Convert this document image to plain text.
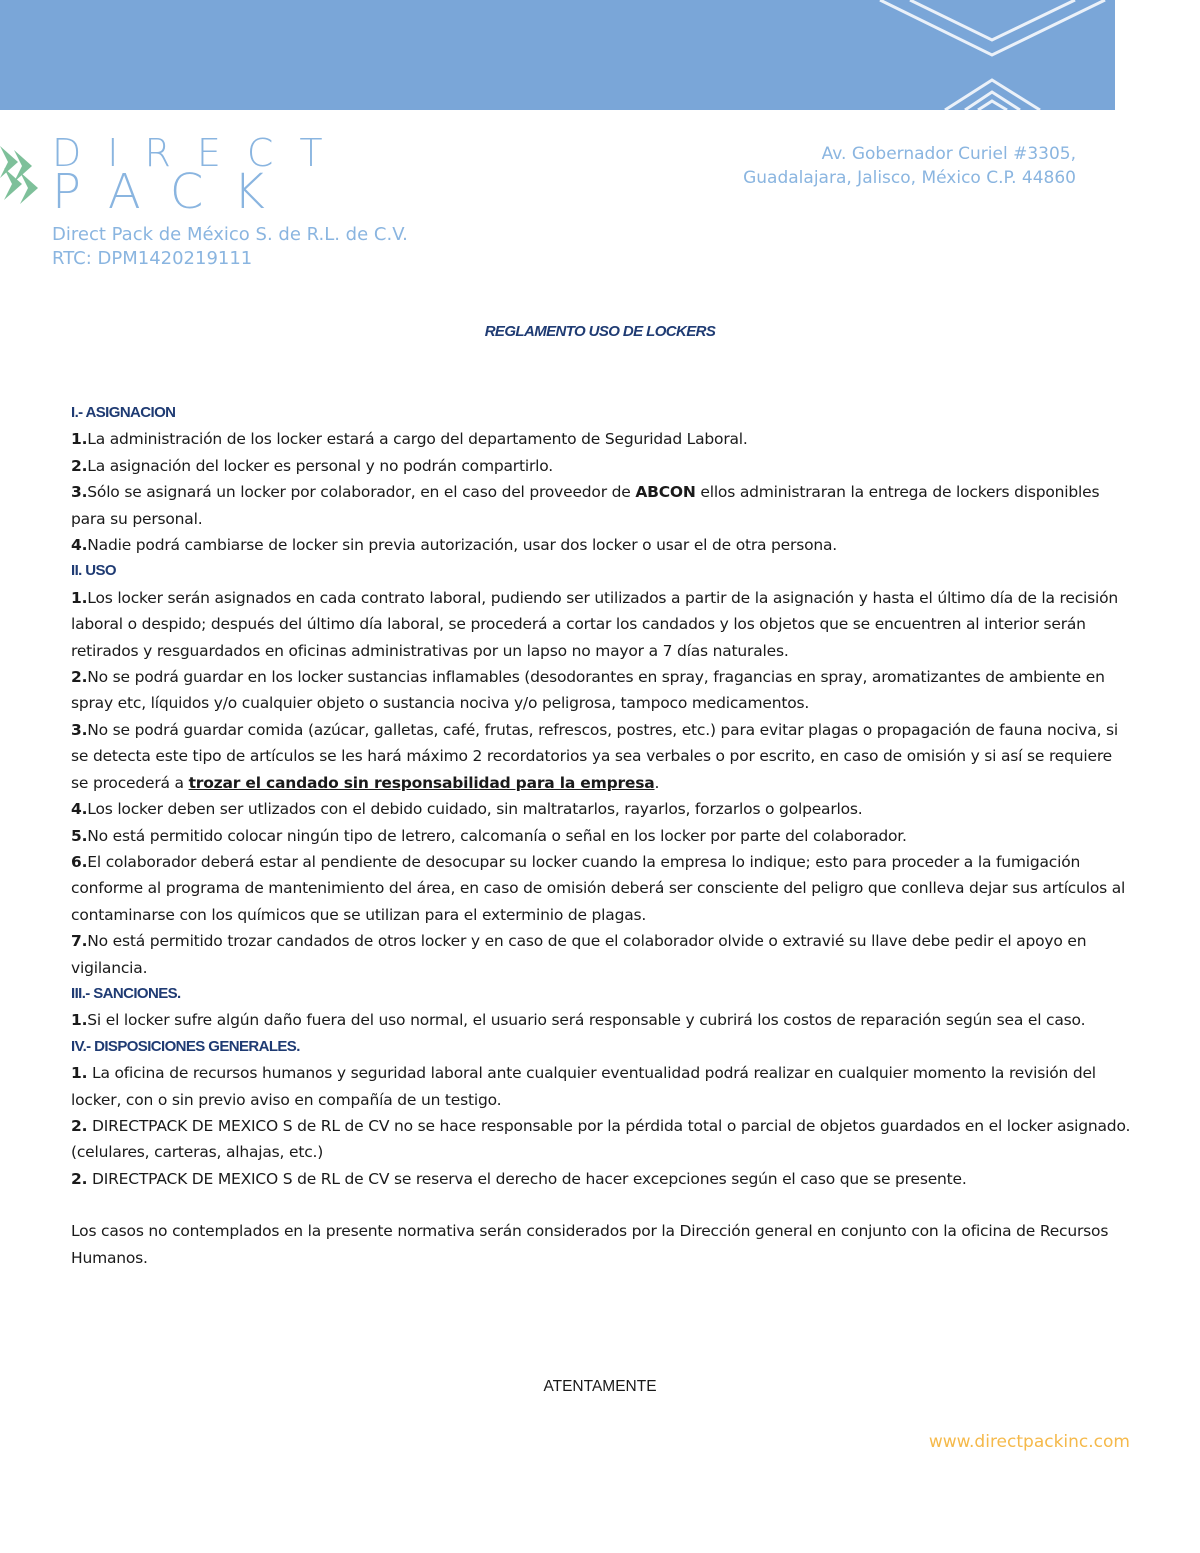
DIRECT
PACK
Direct Pack de México S. de R.L. de C.V.
RTC: DPM1420219111
Av. Gobernador Curiel #3305,
Guadalajara, Jalisco, México C.P. 44860
REGLAMENTO USO DE LOCKERS

I.- ASIGNACION

1.La administración de los locker estará a cargo del departamento de Seguridad Laboral.

2.La asignación del locker es personal y no podrán compartirlo.

3.Sólo se asignará un locker por colaborador, en el caso del proveedor de ABCON ellos administraran la entrega de lockers disponibles para su personal.

4.Nadie podrá cambiarse de locker sin previa autorización, usar dos locker o usar el de otra persona.

II. USO

1.Los locker serán asignados en cada contrato laboral, pudiendo ser utilizados a partir de la asignación y hasta el último día de la recisión laboral o despido; después del último día laboral, se procederá a cortar los candados y los objetos que se encuentren al interior serán retirados y resguardados en oficinas administrativas por un lapso no mayor a 7 días naturales.

2.No se podrá guardar en los locker sustancias inflamables (desodorantes en spray, fragancias en spray, aromatizantes de ambiente en spray etc, líquidos y/o cualquier objeto o sustancia nociva y/o peligrosa, tampoco medicamentos.

3.No se podrá guardar comida (azúcar, galletas, café, frutas, refrescos, postres, etc.) para evitar plagas o propagación de fauna nociva, si se detecta este tipo de artículos se les hará máximo 2 recordatorios ya sea verbales o por escrito, en caso de omisión y si así se requiere se procederá a trozar el candado sin responsabilidad para la empresa.

4.Los locker deben ser utlizados con el debido cuidado, sin maltratarlos, rayarlos, forzarlos o golpearlos.

5.No está permitido colocar ningún tipo de letrero, calcomanía o señal en los locker por parte del colaborador.

6.El colaborador deberá estar al pendiente de desocupar su locker cuando la empresa lo indique; esto para proceder a la fumigación conforme al programa de mantenimiento del área, en caso de omisión deberá ser consciente del peligro que conlleva dejar sus artículos al contaminarse con los químicos que se utilizan para el exterminio de plagas.

7.No está permitido trozar candados de otros locker y en caso de que el colaborador olvide o extravié su llave debe pedir el apoyo en vigilancia.

III.- SANCIONES.

1.Si el locker sufre algún daño fuera del uso normal, el usuario será responsable y cubrirá los costos de reparación según sea el caso.

IV.- DISPOSICIONES GENERALES.

1. La oficina de recursos humanos y seguridad laboral ante cualquier eventualidad podrá realizar en cualquier momento la revisión del locker, con o sin previo aviso en compañía de un testigo.

2. DIRECTPACK DE MEXICO S de RL de CV no se hace responsable por la pérdida total o parcial de objetos guardados en el locker asignado. (celulares, carteras, alhajas, etc.)

2. DIRECTPACK DE MEXICO S de RL de CV se reserva el derecho de hacer excepciones según el caso que se presente.

Los casos no contemplados en la presente normativa serán considerados por la Dirección general en conjunto con la oficina de Recursos Humanos.

ATENTAMENTE
www.directpackinc.com
